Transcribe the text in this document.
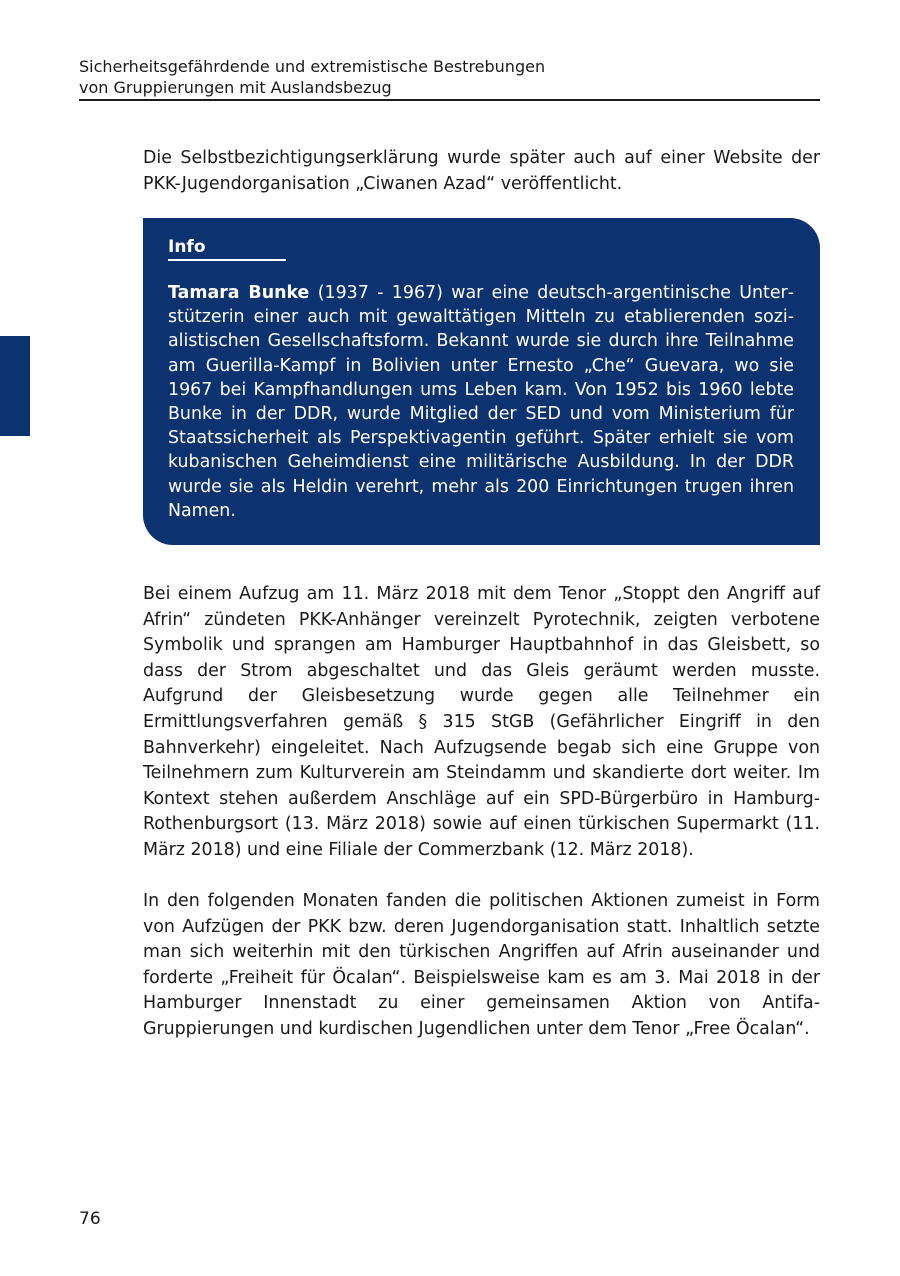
Sicherheitsgefährdende und extremistische Bestrebungen
von Gruppierungen mit Auslandsbezug

Die Selbstbezichtigungserklärung wurde später auch auf einer Website der PKK-Jugendorganisation „Ciwanen Azad“ veröffentlicht.

Info
Tamara Bunke (1937 - 1967) war eine deutsch-argentinische Unterstützerin einer auch mit gewalttätigen Mitteln zu etablierenden sozialistischen Gesellschaftsform. Bekannt wurde sie durch ihre Teilnahme am Guerilla-Kampf in Bolivien unter Ernesto „Che“ Guevara, wo sie 1967 bei Kampfhandlungen ums Leben kam. Von 1952 bis 1960 lebte Bunke in der DDR, wurde Mitglied der SED und vom Ministerium für Staatssicherheit als Perspektivagentin geführt. Später erhielt sie vom kubanischen Geheimdienst eine militärische Ausbildung. In der DDR wurde sie als Heldin verehrt, mehr als 200 Einrichtungen trugen ihren Namen.

Bei einem Aufzug am 11. März 2018 mit dem Tenor „Stoppt den Angriff auf Afrin“ zündeten PKK-Anhänger vereinzelt Pyrotechnik, zeigten verbotene Symbolik und sprangen am Hamburger Hauptbahnhof in das Gleisbett, so dass der Strom abgeschaltet und das Gleis geräumt werden musste. Aufgrund der Gleisbesetzung wurde gegen alle Teilnehmer ein Ermittlungsverfahren gemäß § 315 StGB (Gefährlicher Eingriff in den Bahnverkehr) eingeleitet. Nach Aufzugsende begab sich eine Gruppe von Teilnehmern zum Kulturverein am Steindamm und skandierte dort weiter. Im Kontext stehen außerdem Anschläge auf ein SPD-Bürgerbüro in Hamburg-Rothenburgsort (13. März 2018) sowie auf einen türkischen Supermarkt (11. März 2018) und eine Filiale der Commerzbank (12. März 2018).

In den folgenden Monaten fanden die politischen Aktionen zumeist in Form von Aufzügen der PKK bzw. deren Jugendorganisation statt. Inhaltlich setzte man sich weiterhin mit den türkischen Angriffen auf Afrin auseinander und forderte „Freiheit für Öcalan“. Beispielsweise kam es am 3. Mai 2018 in der Hamburger Innenstadt zu einer gemeinsamen Aktion von Antifa-Gruppierungen und kurdischen Jugendlichen unter dem Tenor „Free Öcalan“.

76
